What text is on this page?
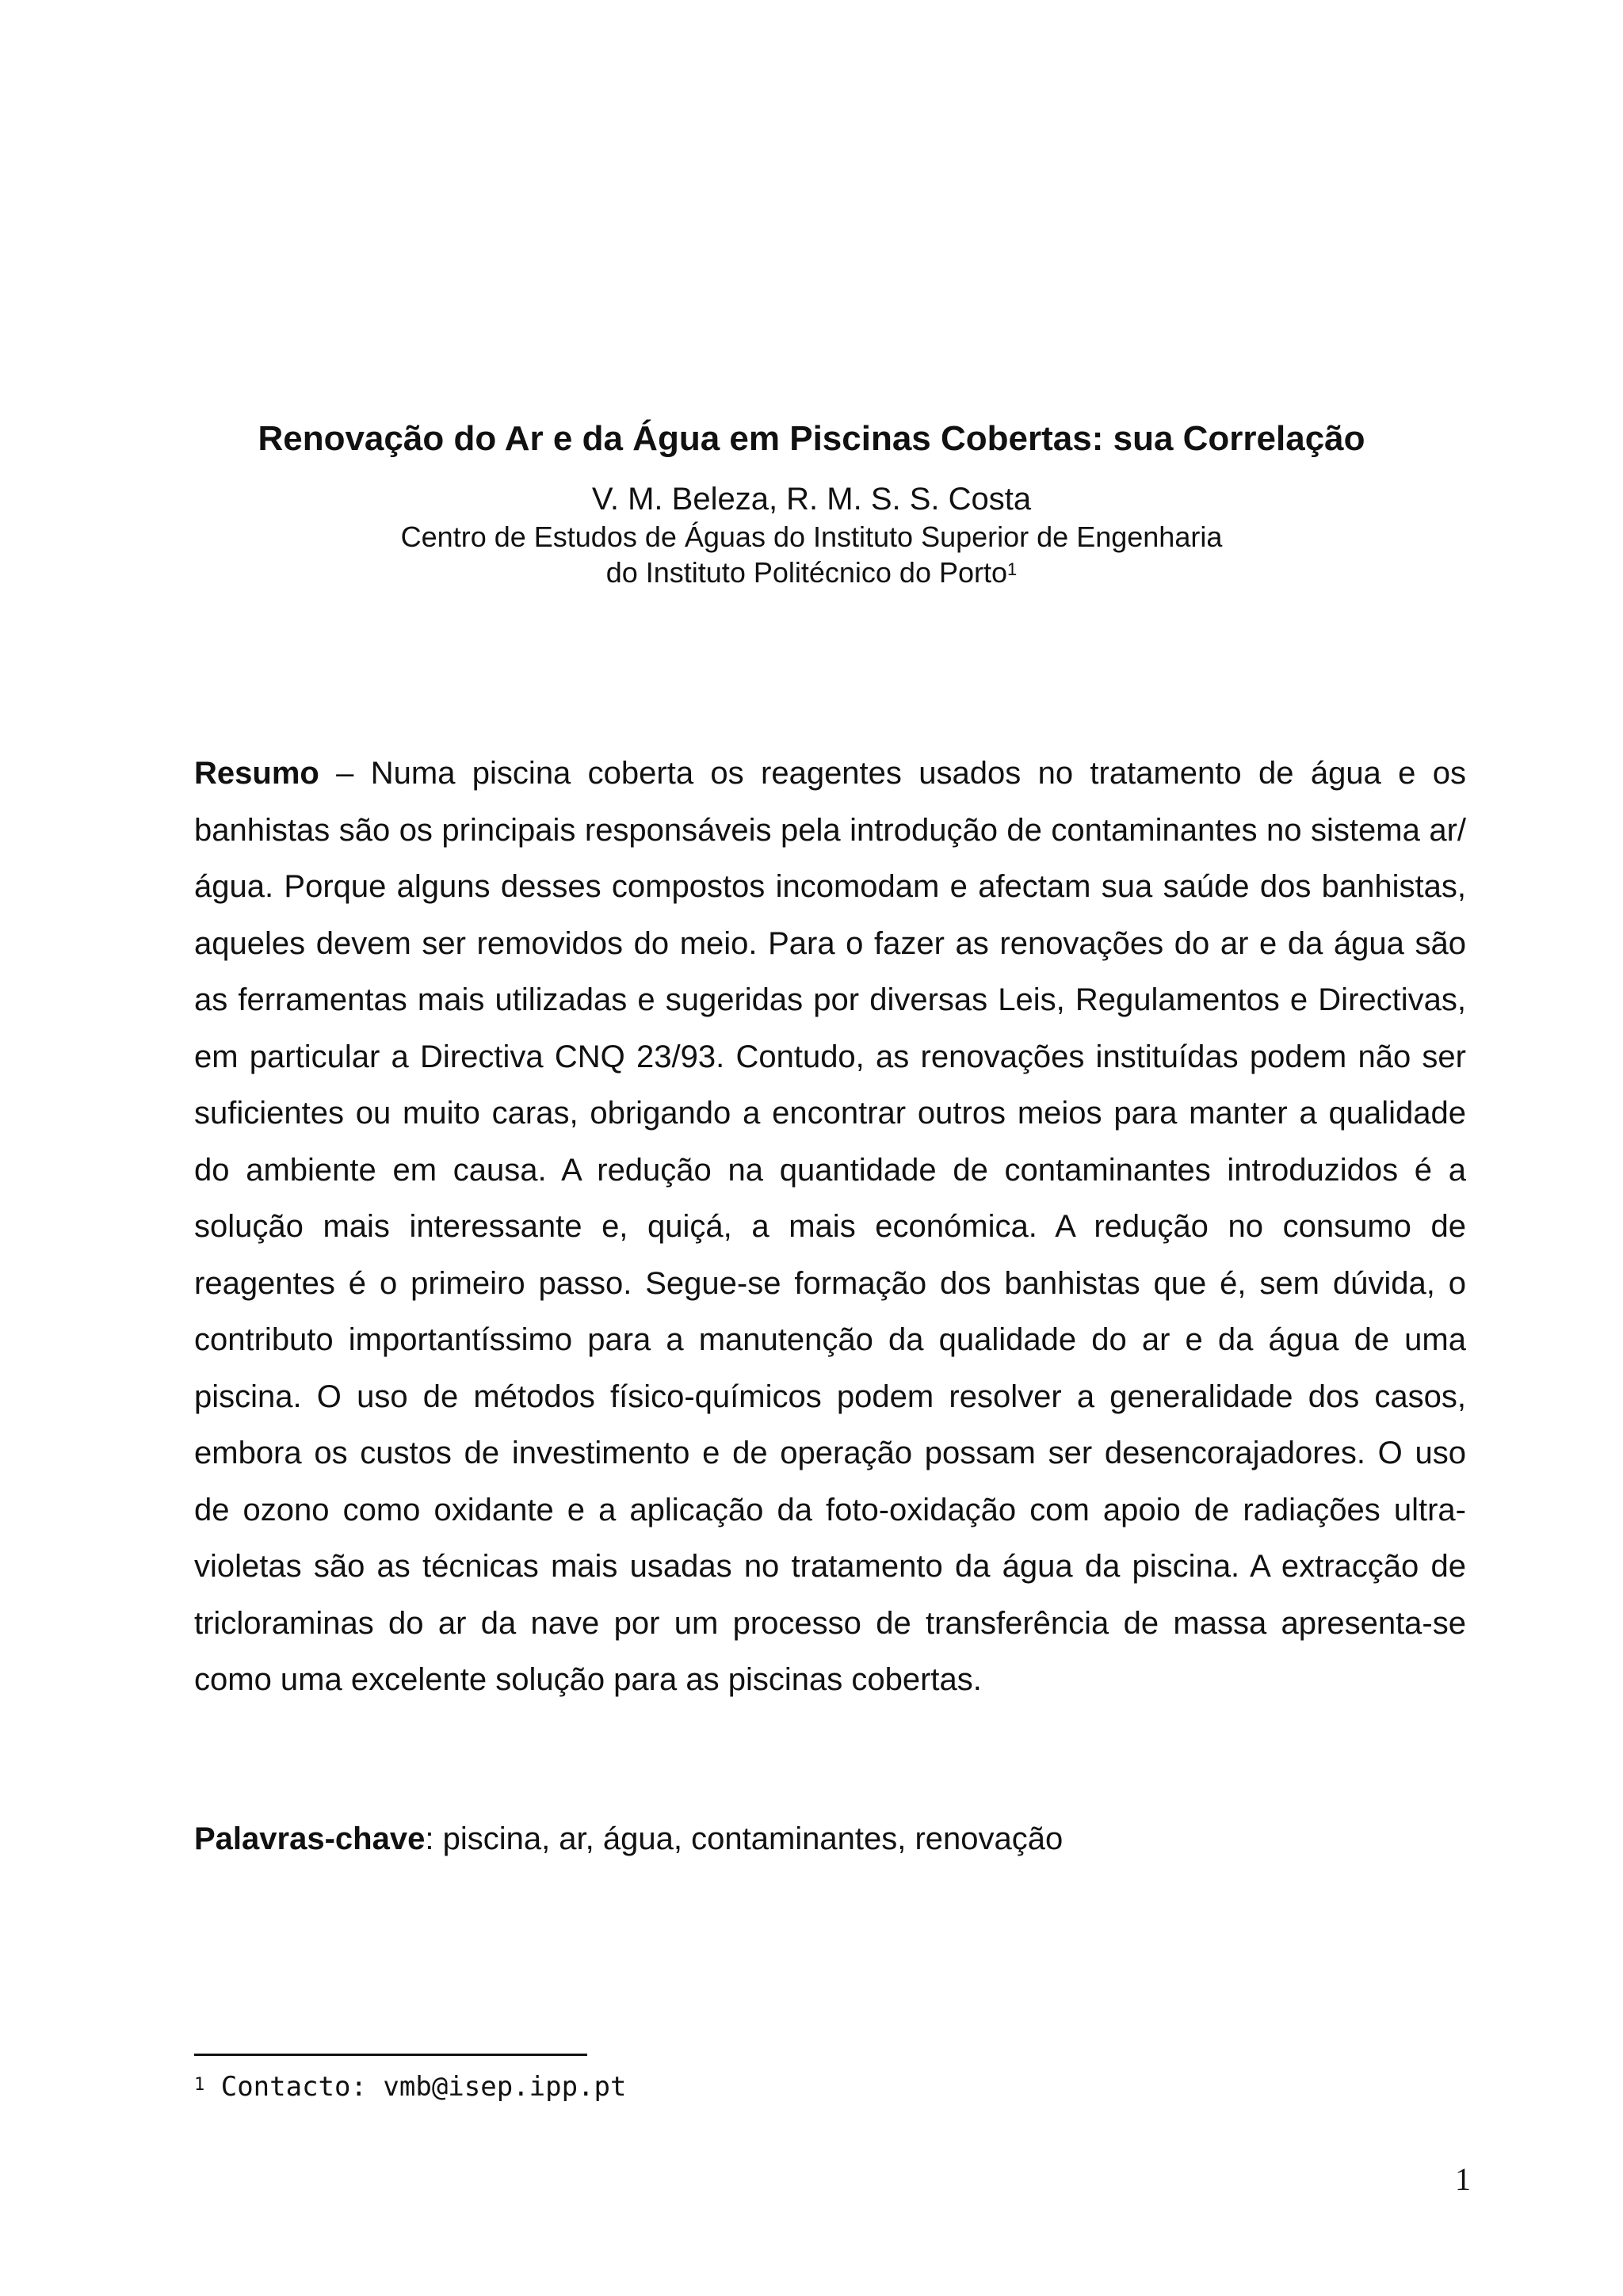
Renovação do Ar e da Água em Piscinas Cobertas: sua Correlação
V. M. Beleza, R. M. S. S. Costa
Centro de Estudos de Águas do Instituto Superior de Engenharia
do Instituto Politécnico do Porto$^1$

Resumo – Numa piscina coberta os reagentes usados no tratamento de água e os banhistas são os principais responsáveis pela introdução de contaminantes no sistema ar/água. Porque alguns desses compostos incomodam e afectam sua saúde dos banhistas, aqueles devem ser removidos do meio. Para o fazer as renovações do ar e da água são as ferramentas mais utilizadas e sugeridas por diversas Leis, Regulamentos e Directivas, em particular a Directiva CNQ 23/93. Contudo, as renovações instituídas podem não ser suficientes ou muito caras, obrigando a encontrar outros meios para manter a qualidade do ambiente em causa. A redução na quantidade de contaminantes introduzidos é a solução mais interessante e, quiçá, a mais económica. A redução no consumo de reagentes é o primeiro passo. Segue-se formação dos banhistas que é, sem dúvida, o contributo importantíssimo para a manutenção da qualidade do ar e da água de uma piscina. O uso de métodos físico-químicos podem resolver a generalidade dos casos, embora os custos de investimento e de operação possam ser desencorajadores. O uso de ozono como oxidante e a aplicação da foto-oxidação com apoio de radiações ultra-violetas são as técnicas mais usadas no tratamento da água da piscina. A extracção de tricloraminas do ar da nave por um processo de transferência de massa apresenta-se como uma excelente solução para as piscinas cobertas.

Palavras-chave: piscina, ar, água, contaminantes, renovação

$^1$ Contacto: vmb@isep.ipp.pt
1
